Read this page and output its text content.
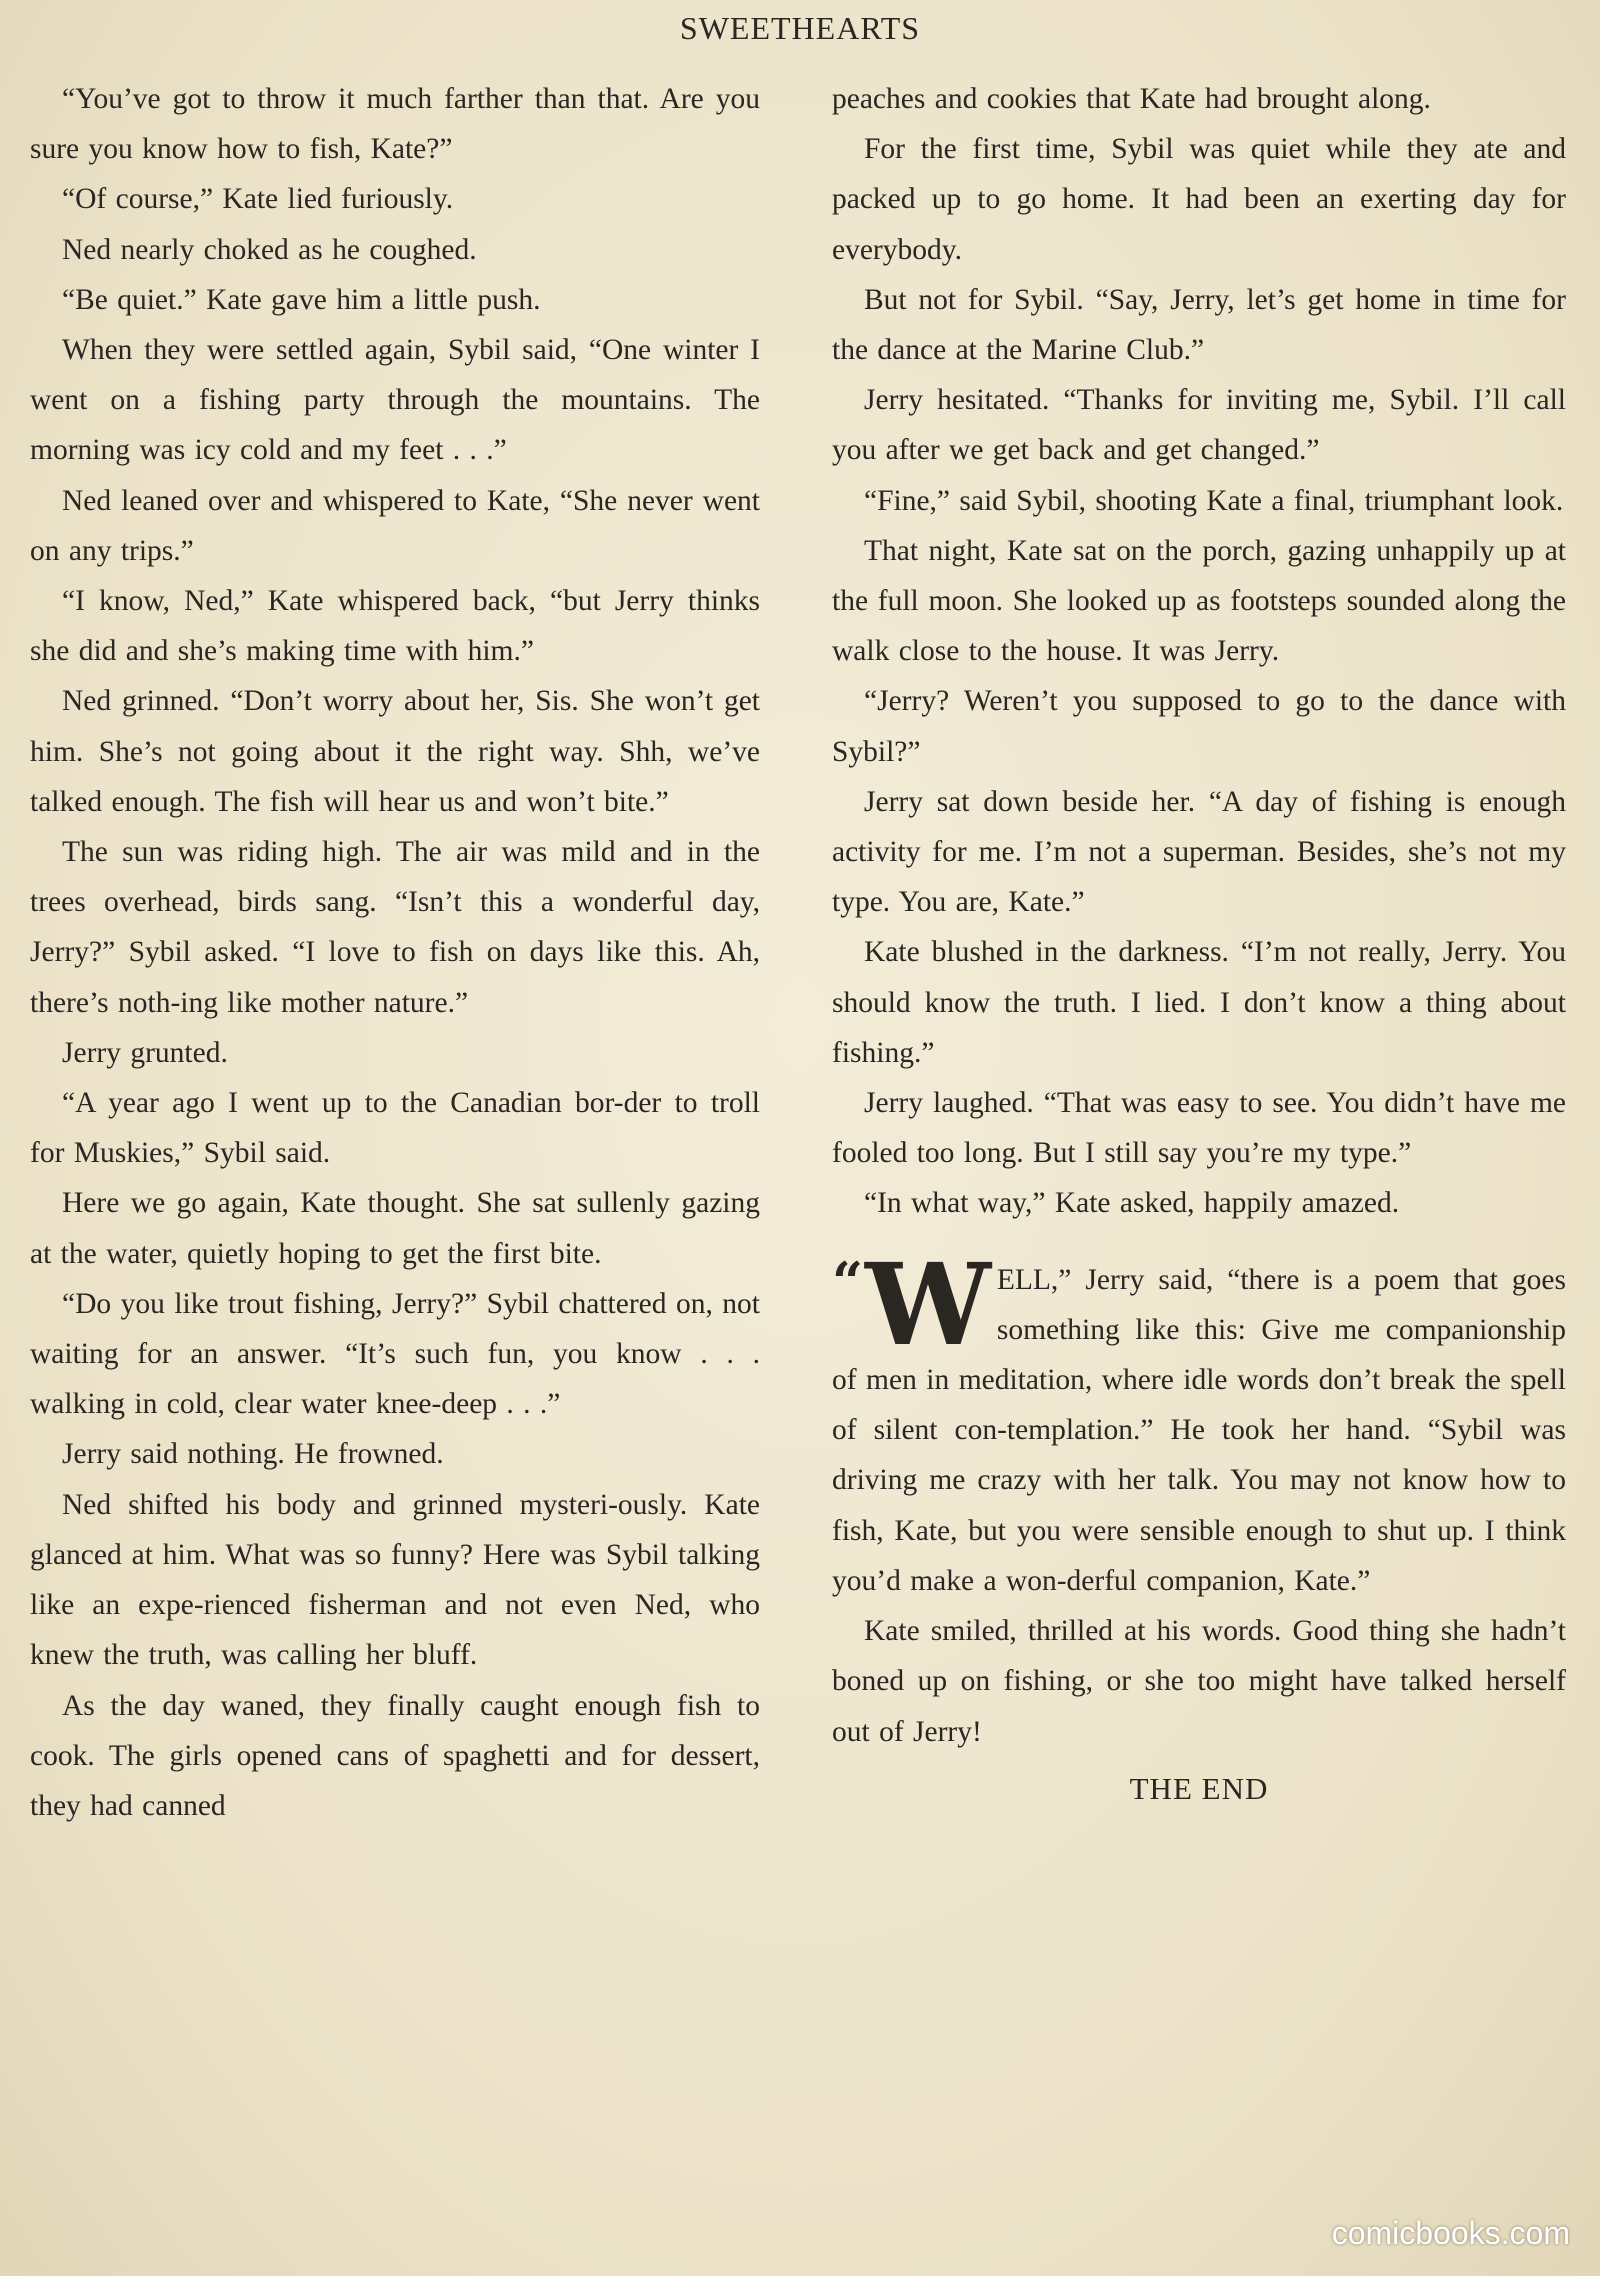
SWEETHEARTS

“You’ve got to throw it much farther than that. Are you sure you know how to fish, Kate?”

“Of course,” Kate lied furiously.

Ned nearly choked as he coughed.

“Be quiet.” Kate gave him a little push.

When they were settled again, Sybil said, “One winter I went on a fishing party through the mountains. The morning was icy cold and my feet . . .”

Ned leaned over and whispered to Kate, “She never went on any trips.”

“I know, Ned,” Kate whispered back, “but Jerry thinks she did and she’s making time with him.”

Ned grinned. “Don’t worry about her, Sis. She won’t get him. She’s not going about it the right way. Shh, we’ve talked enough. The fish will hear us and won’t bite.”

The sun was riding high. The air was mild and in the trees overhead, birds sang. “Isn’t this a wonderful day, Jerry?” Sybil asked. “I love to fish on days like this. Ah, there’s noth-ing like mother nature.”

Jerry grunted.

“A year ago I went up to the Canadian bor-der to troll for Muskies,” Sybil said.

Here we go again, Kate thought. She sat sullenly gazing at the water, quietly hoping to get the first bite.

“Do you like trout fishing, Jerry?” Sybil chattered on, not waiting for an answer. “It’s such fun, you know . . . walking in cold, clear water knee-deep . . .”

Jerry said nothing. He frowned.

Ned shifted his body and grinned mysteri-ously. Kate glanced at him. What was so funny? Here was Sybil talking like an expe-rienced fisherman and not even Ned, who knew the truth, was calling her bluff.

As the day waned, they finally caught enough fish to cook. The girls opened cans of spaghetti and for dessert, they had canned

peaches and cookies that Kate had brought along.

For the first time, Sybil was quiet while they ate and packed up to go home. It had been an exerting day for everybody.

But not for Sybil. “Say, Jerry, let’s get home in time for the dance at the Marine Club.”

Jerry hesitated. “Thanks for inviting me, Sybil. I’ll call you after we get back and get changed.”

“Fine,” said Sybil, shooting Kate a final, triumphant look.

That night, Kate sat on the porch, gazing unhappily up at the full moon. She looked up as footsteps sounded along the walk close to the house. It was Jerry.

“Jerry? Weren’t you supposed to go to the dance with Sybil?”

Jerry sat down beside her. “A day of fishing is enough activity for me. I’m not a superman. Besides, she’s not my type. You are, Kate.”

Kate blushed in the darkness. “I’m not really, Jerry. You should know the truth. I lied. I don’t know a thing about fishing.”

Jerry laughed. “That was easy to see. You didn’t have me fooled too long. But I still say you’re my type.”

“In what way,” Kate asked, happily amazed.

“ W ELL,” Jerry said, “there is a poem that goes something like this: Give me companionship of men in meditation, where idle words don’t break the spell of silent con-templation.” He took her hand. “Sybil was driving me crazy with her talk. You may not know how to fish, Kate, but you were sensible enough to shut up. I think you’d make a won-derful companion, Kate.”

Kate smiled, thrilled at his words. Good thing she hadn’t boned up on fishing, or she too might have talked herself out of Jerry!

THE END
comicbooks.com
